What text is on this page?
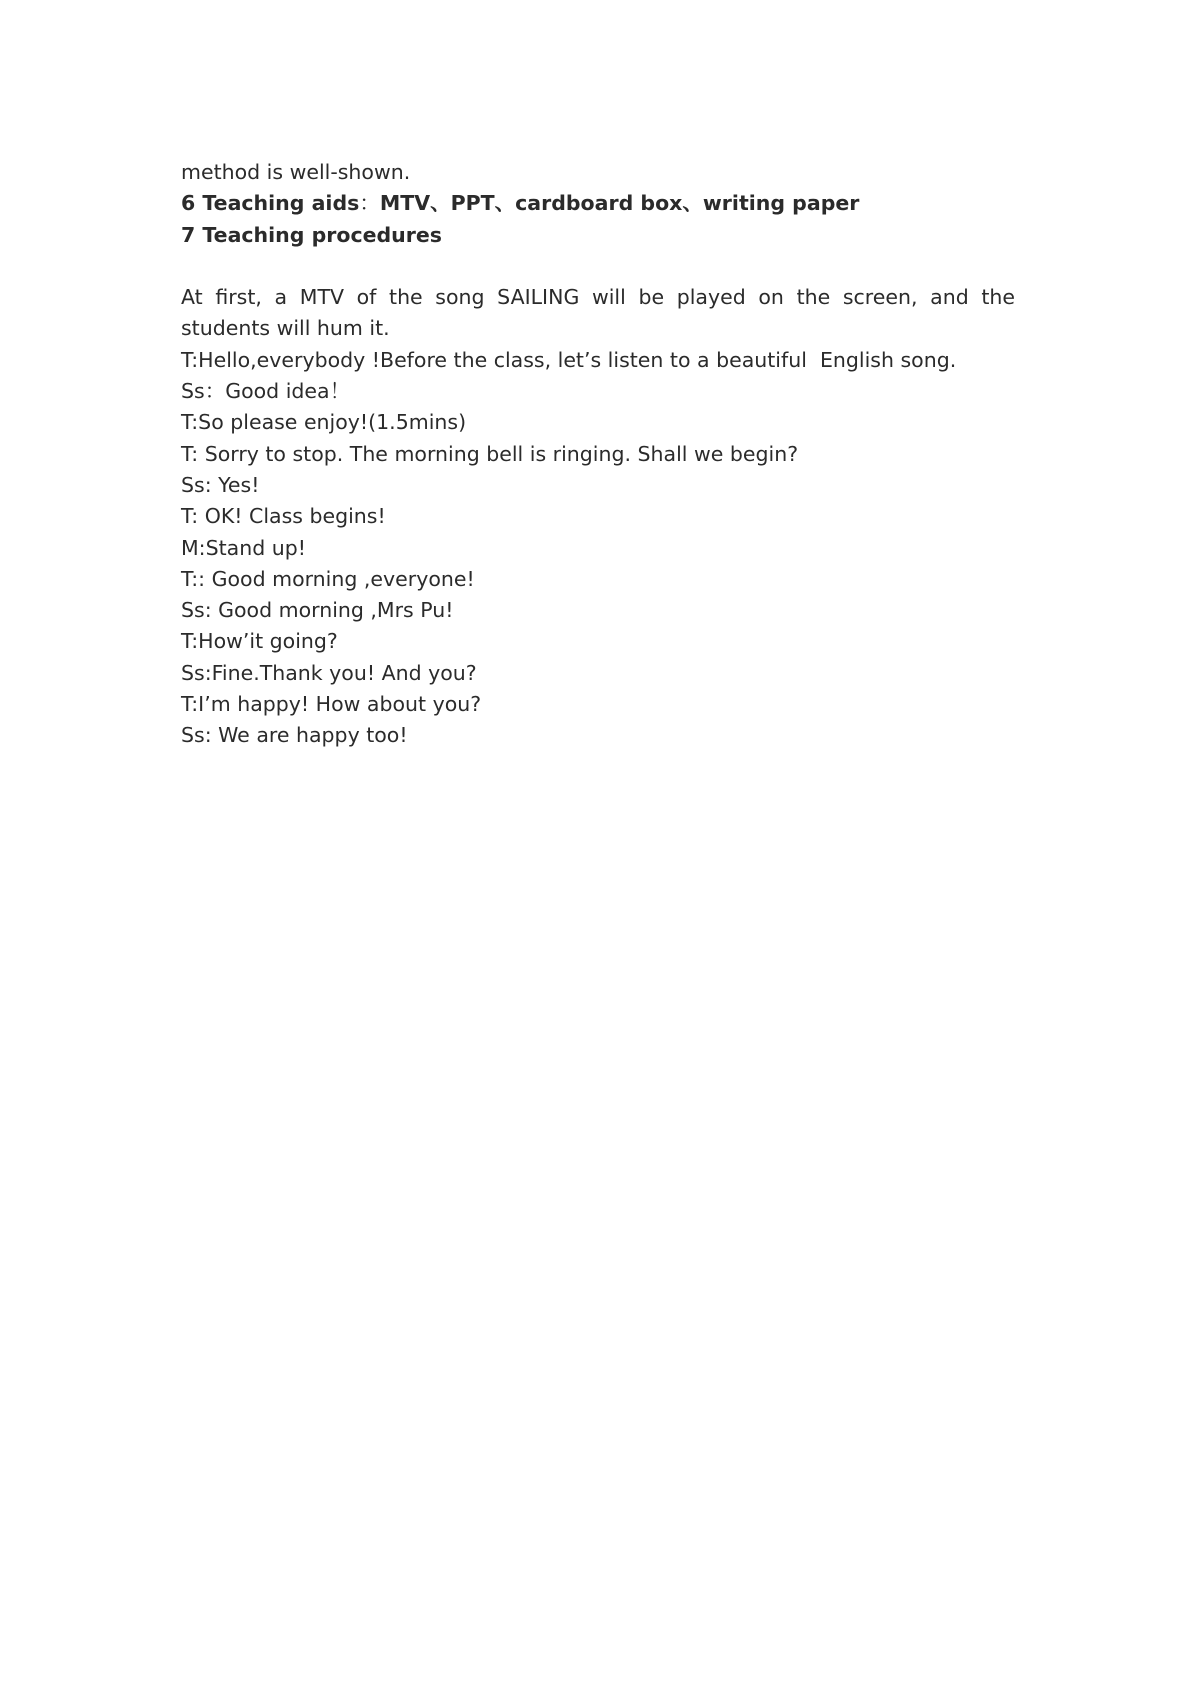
method is well-shown.

6 Teaching aids：MTV、PPT、cardboard box、writing paper

7 Teaching procedures

At first, a MTV of the song SAILING will be played on the screen, and the students will hum it.

T:Hello,everybody !Before the class, let’s listen to a beautiful  English song.

Ss：Good idea！

T:So please enjoy!(1.5mins)

T: Sorry to stop. The morning bell is ringing. Shall we begin?

Ss: Yes!

T: OK! Class begins!

M:Stand up!

T:: Good morning ,everyone!

Ss: Good morning ,Mrs Pu!

T:How’it going?

Ss:Fine.Thank you! And you?

T:I’m happy! How about you?

Ss: We are happy too!
